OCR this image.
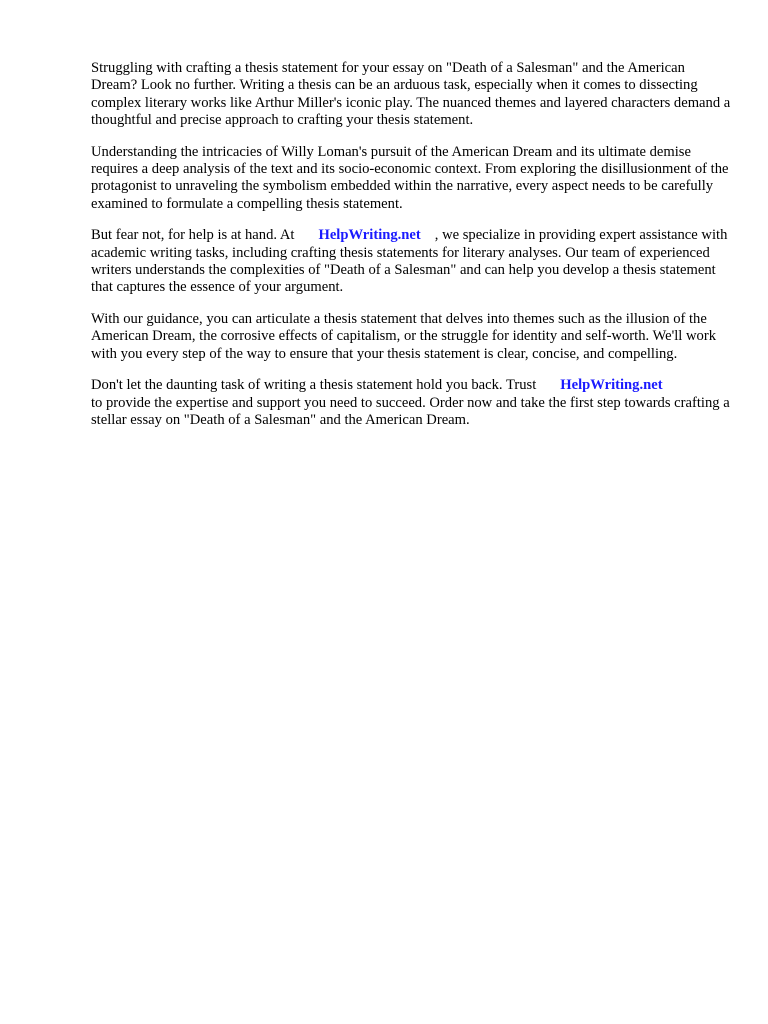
Struggling with crafting a thesis statement for your essay on "Death of a Salesman" and the American Dream? Look no further. Writing a thesis can be an arduous task, especially when it comes to dissecting complex literary works like Arthur Miller's iconic play. The nuanced themes and layered characters demand a thoughtful and precise approach to crafting your thesis statement.

Understanding the intricacies of Willy Loman's pursuit of the American Dream and its ultimate demise requires a deep analysis of the text and its socio-economic context. From exploring the disillusionment of the protagonist to unraveling the symbolism embedded within the narrative, every aspect needs to be carefully examined to formulate a compelling thesis statement.

But fear not, for help is at hand. At HelpWriting.net , we specialize in providing expert assistance with academic writing tasks, including crafting thesis statements for literary analyses. Our team of experienced writers understands the complexities of "Death of a Salesman" and can help you develop a thesis statement that captures the essence of your argument.

With our guidance, you can articulate a thesis statement that delves into themes such as the illusion of the American Dream, the corrosive effects of capitalism, or the struggle for identity and self-worth. We'll work with you every step of the way to ensure that your thesis statement is clear, concise, and compelling.

Don't let the daunting task of writing a thesis statement hold you back. Trust HelpWriting.net
to provide the expertise and support you need to succeed. Order now and take the first step towards crafting a stellar essay on "Death of a Salesman" and the American Dream.
